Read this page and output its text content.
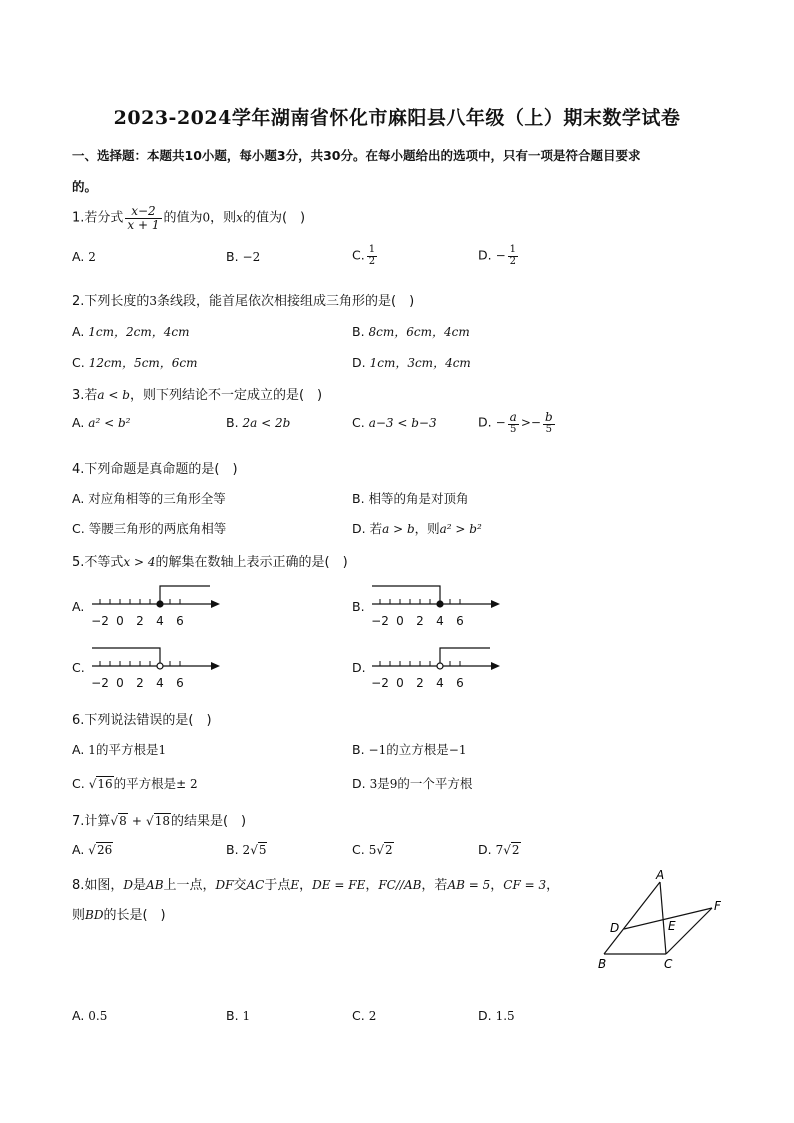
2023-2024学年湖南省怀化市麻阳县八年级（上）期末数学试卷
一、选择题：本题共10小题，每小题3分，共30分。在每小题给出的选项中，只有一项是符合题目要求
的。
1.若分式 $\frac{x-2}{x + 1}$ 的值为0，则x的值为(　)
A. 2	B. −2	C. $\frac{1}{2}$	D. − $\frac{1}{2}$
2.下列长度的3条线段，能首尾依次相接组成三角形的是(　)
A. 1cm，2cm，4cm	B. 8cm，6cm，4cm
C. 12cm，5cm，6cm	D. 1cm，3cm，4cm
3.若a < b，则下列结论不一定成立的是(　)
A. a² < b²	B. 2a < 2b	C. a−3 < b−3	D. − $\frac{a}{5} >- \frac{b}{5}$
4.下列命题是真命题的是(　)
A. 对应角相等的三角形全等	B. 相等的角是对顶角
C. 等腰三角形的两底角相等	D. 若a > b，则a² > b²
5.不等式x > 4的解集在数轴上表示正确的是(　)
A.	B.
C.	D.
−2 0 2 4 6	−2 0 2 4 6
−2 0 2 4 6	−2 0 2 4 6
6.下列说法错误的是(　)
A. 1的平方根是1	B. −1的立方根是−1
C. √16的平方根是± 2	D. 3是9的一个平方根
7.计算√8 + √18的结果是(　)
A. √26	B. 2√5	C. 5√2	D. 7√2
8.如图，D是AB上一点，DF交AC于点E，DE = FE，FC//AB，若AB = 5，CF = 3，
则BD的长是(　)
A
B	C
D	E
F
A. 0.5	B. 1	C. 2	D. 1.5
